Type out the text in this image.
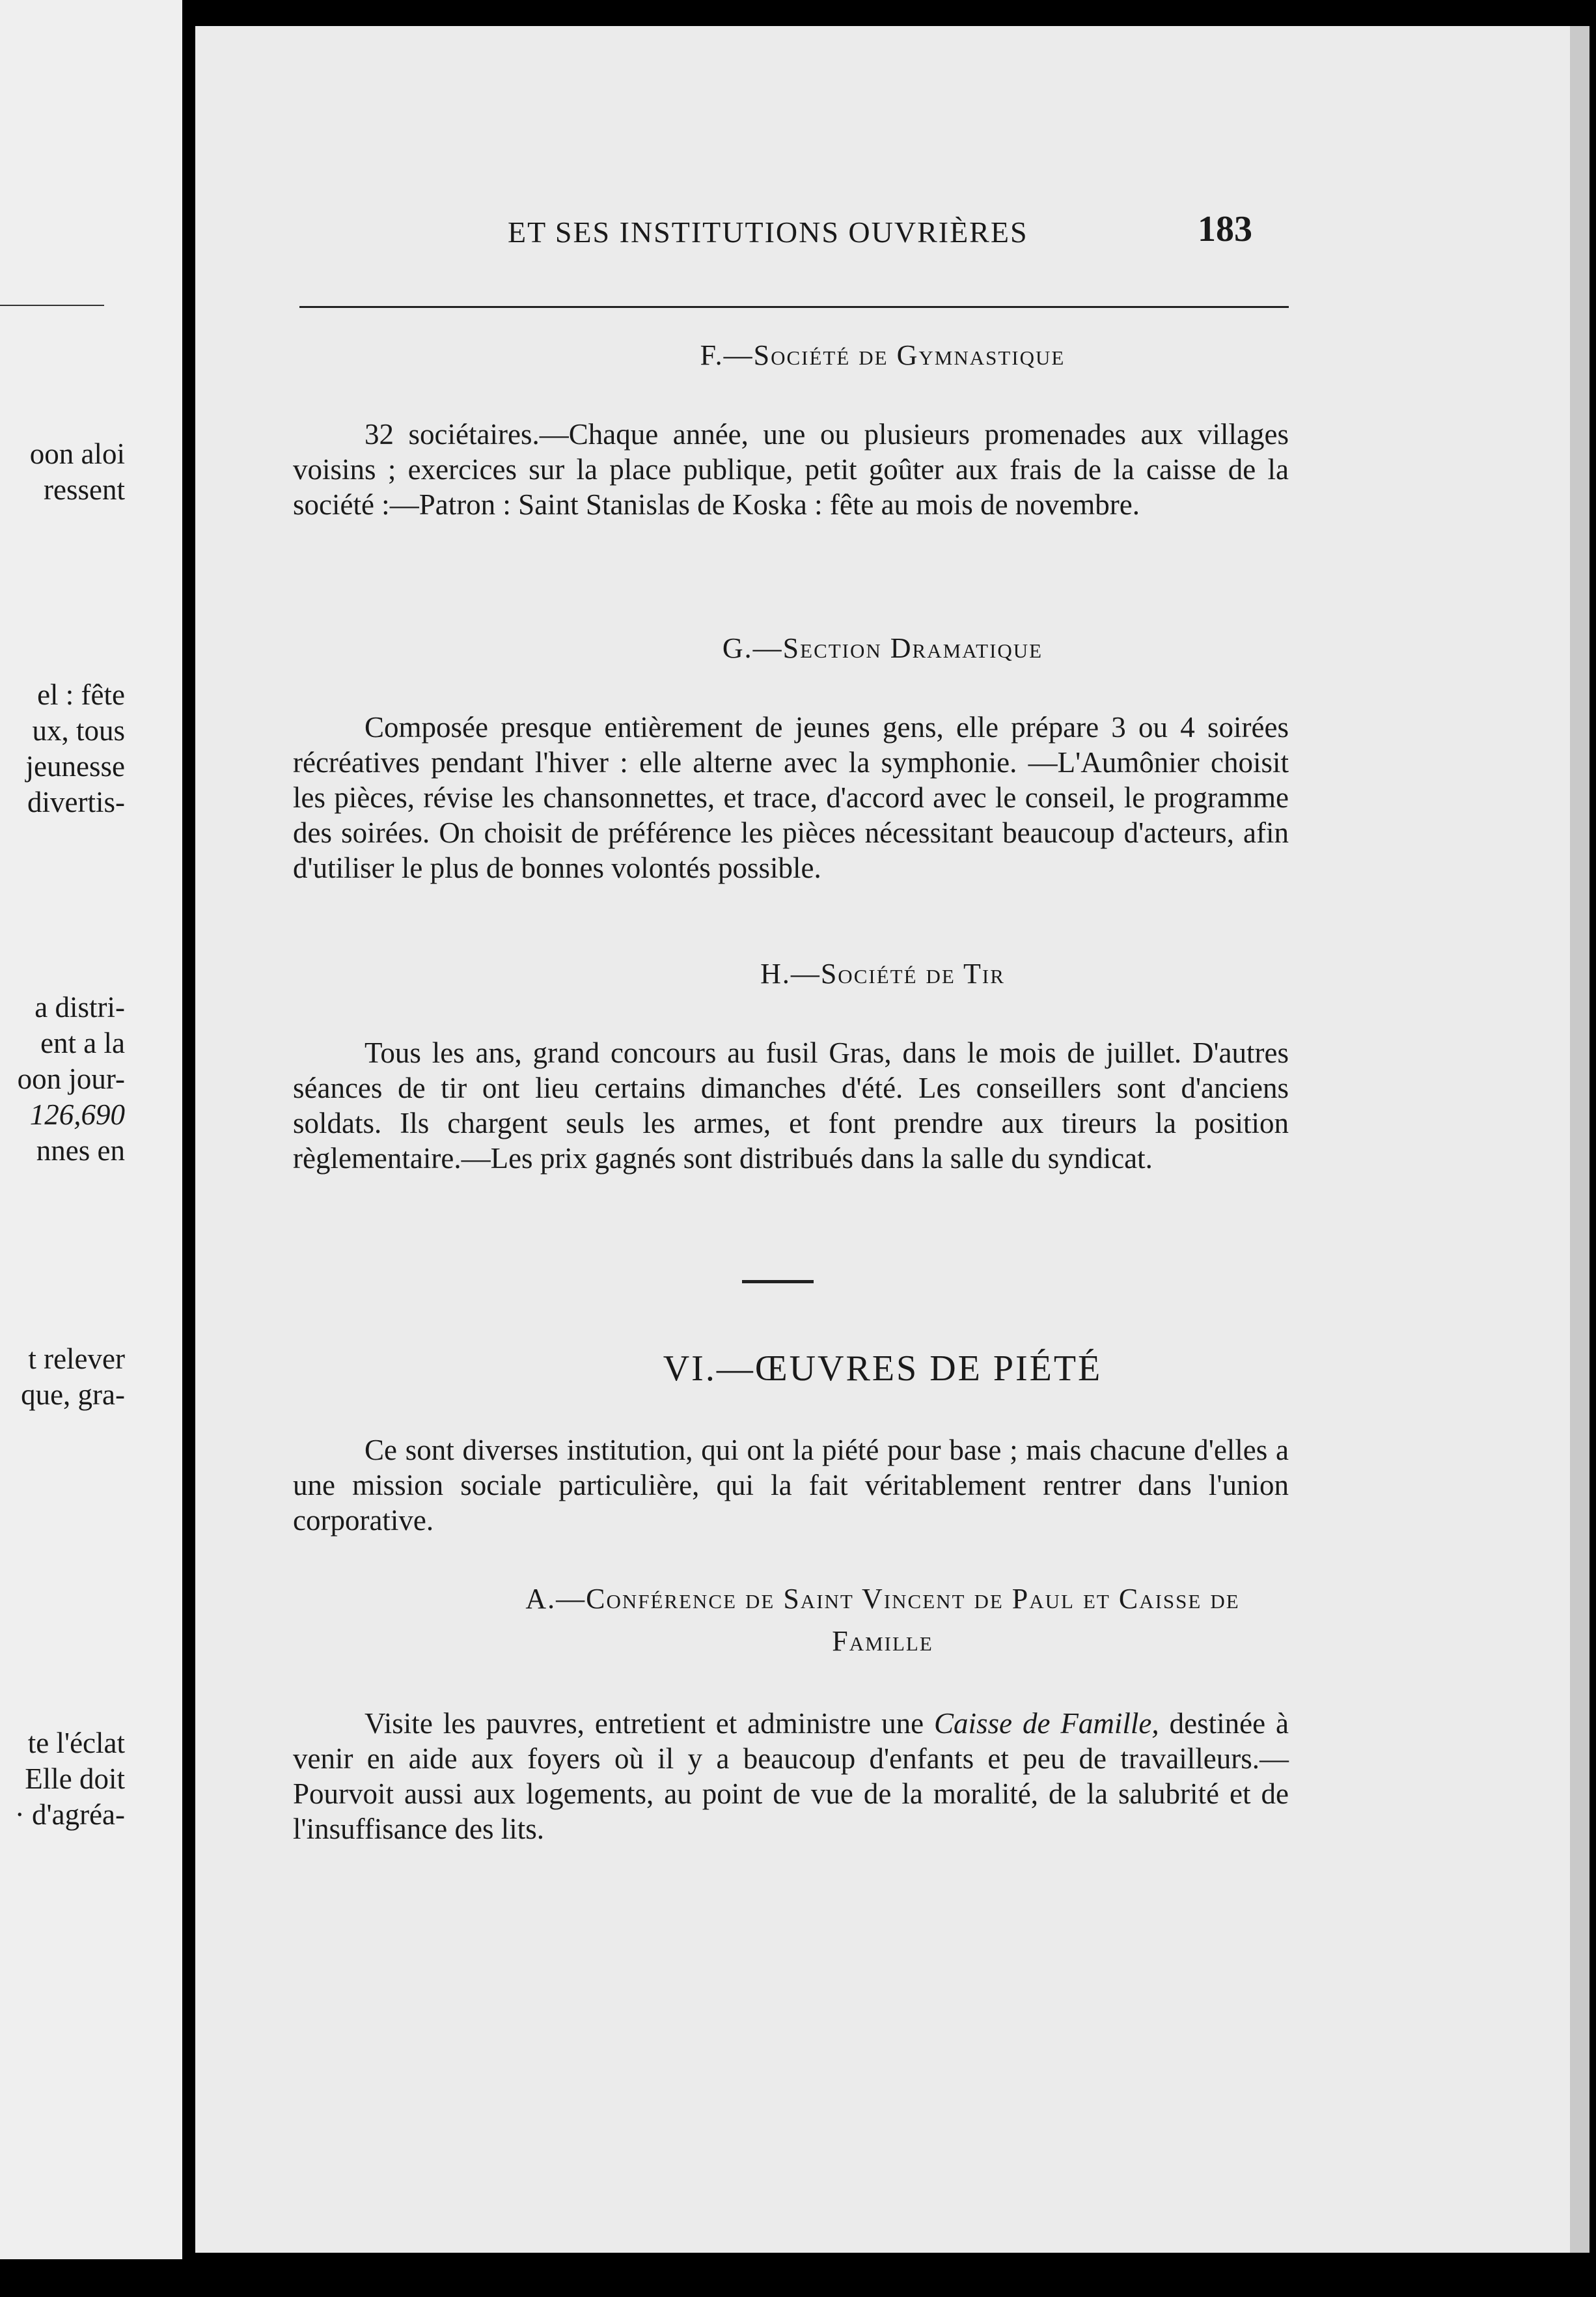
oon aloi
ressent
el : fête
ux, tous
jeunesse
divertis-
a distri-
ent a la
oon jour-
126,690
nnes en
t relever
que, gra-
te l'éclat
Elle doit
· d'agréa-
ET SES INSTITUTIONS OUVRIÈRES	183
F.—Société de Gymnastique
32 sociétaires.—Chaque année, une ou plusieurs promenades aux villages voisins ; exercices sur la place publique, petit goûter aux frais de la caisse de la société :—Patron : Saint Stanislas de Koska : fête au mois de novembre.
G.—Section Dramatique
Composée presque entièrement de jeunes gens, elle prépare 3 ou 4 soirées récréatives pendant l'hiver : elle alterne avec la symphonie. —L'Aumônier choisit les pièces, révise les chansonnettes, et trace, d'accord avec le conseil, le programme des soirées. On choisit de préférence les pièces nécessitant beaucoup d'acteurs, afin d'utiliser le plus de bonnes volontés possible.
H.—Société de Tir
Tous les ans, grand concours au fusil Gras, dans le mois de juillet. D'autres séances de tir ont lieu certains dimanches d'été. Les conseillers sont d'anciens soldats. Ils chargent seuls les armes, et font prendre aux tireurs la position règlementaire.—Les prix gagnés sont distribués dans la salle du syndicat.
VI.—ŒUVRES DE PIÉTÉ
Ce sont diverses institution, qui ont la piété pour base ; mais chacune d'elles a une mission sociale particulière, qui la fait véritablement rentrer dans l'union corporative.
A.—Conférence de Saint Vincent de Paul et Caisse de
Famille
Visite les pauvres, entretient et administre une Caisse de Famille, destinée à venir en aide aux foyers où il y a beaucoup d'enfants et peu de travailleurs.—Pourvoit aussi aux logements, au point de vue de la moralité, de la salubrité et de l'insuffisance des lits.
